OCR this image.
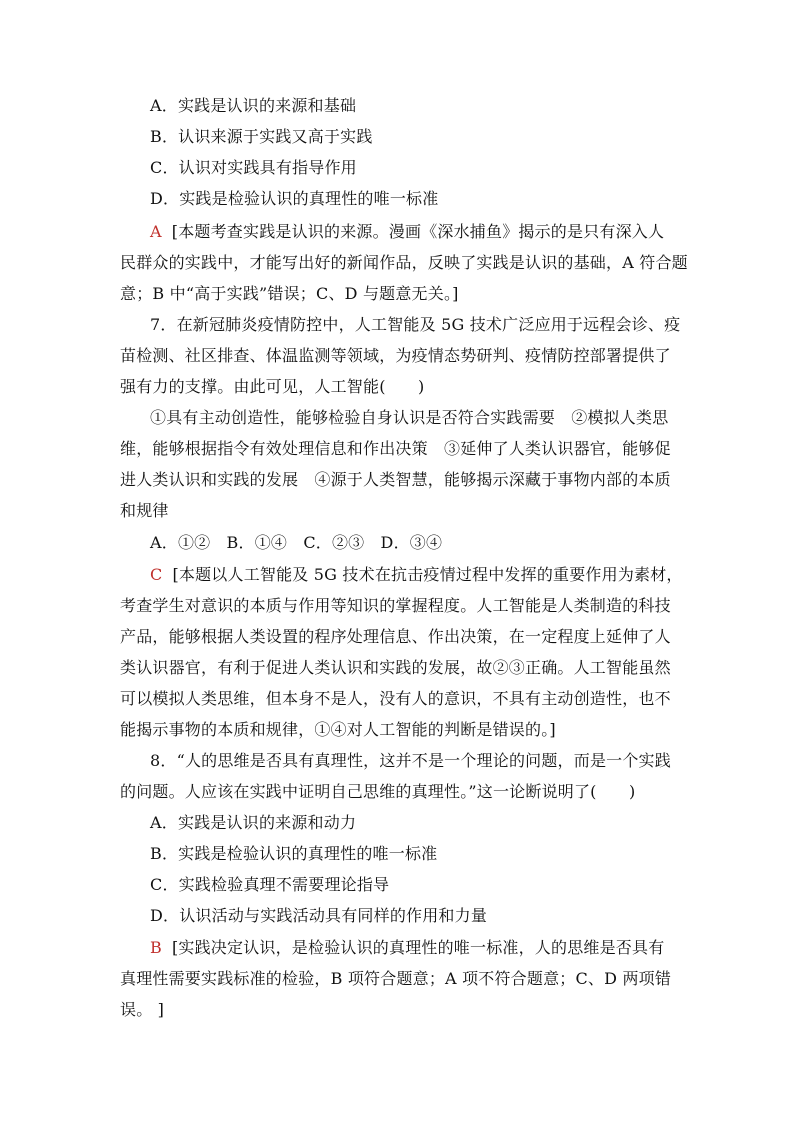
A．实践是认识的来源和基础
B．认识来源于实践又高于实践
C．认识对实践具有指导作用
D．实践是检验认识的真理性的唯一标准
A [本题考查实践是认识的来源。漫画《深水捕鱼》揭示的是只有深入人
民群众的实践中，才能写出好的新闻作品，反映了实践是认识的基础，A 符合题
意；B 中“高于实践”错误；C、D 与题意无关。]
7．在新冠肺炎疫情防控中，人工智能及 5G 技术广泛应用于远程会诊、疫
苗检测、社区排查、体温监测等领域，为疫情态势研判、疫情防控部署提供了
强有力的支撑。由此可见，人工智能(　　)
①具有主动创造性，能够检验自身认识是否符合实践需要　②模拟人类思
维，能够根据指令有效处理信息和作出决策　③延伸了人类认识器官，能够促
进人类认识和实践的发展　④源于人类智慧，能够揭示深藏于事物内部的本质
和规律
A．①②　B．①④　C．②③　D．③④
C [本题以人工智能及 5G 技术在抗击疫情过程中发挥的重要作用为素材，
考查学生对意识的本质与作用等知识的掌握程度。人工智能是人类制造的科技
产品，能够根据人类设置的程序处理信息、作出决策，在一定程度上延伸了人
类认识器官，有利于促进人类认识和实践的发展，故②③正确。人工智能虽然
可以模拟人类思维，但本身不是人，没有人的意识，不具有主动创造性，也不
能揭示事物的本质和规律，①④对人工智能的判断是错误的。]
8．“人的思维是否具有真理性，这并不是一个理论的问题，而是一个实践
的问题。人应该在实践中证明自己思维的真理性。”这一论断说明了(　　)
A．实践是认识的来源和动力
B．实践是检验认识的真理性的唯一标准
C．实践检验真理不需要理论指导
D．认识活动与实践活动具有同样的作用和力量
B [实践决定认识，是检验认识的真理性的唯一标准，人的思维是否具有
真理性需要实践标准的检验，B 项符合题意；A 项不符合题意；C、D 两项错
误。 ]
